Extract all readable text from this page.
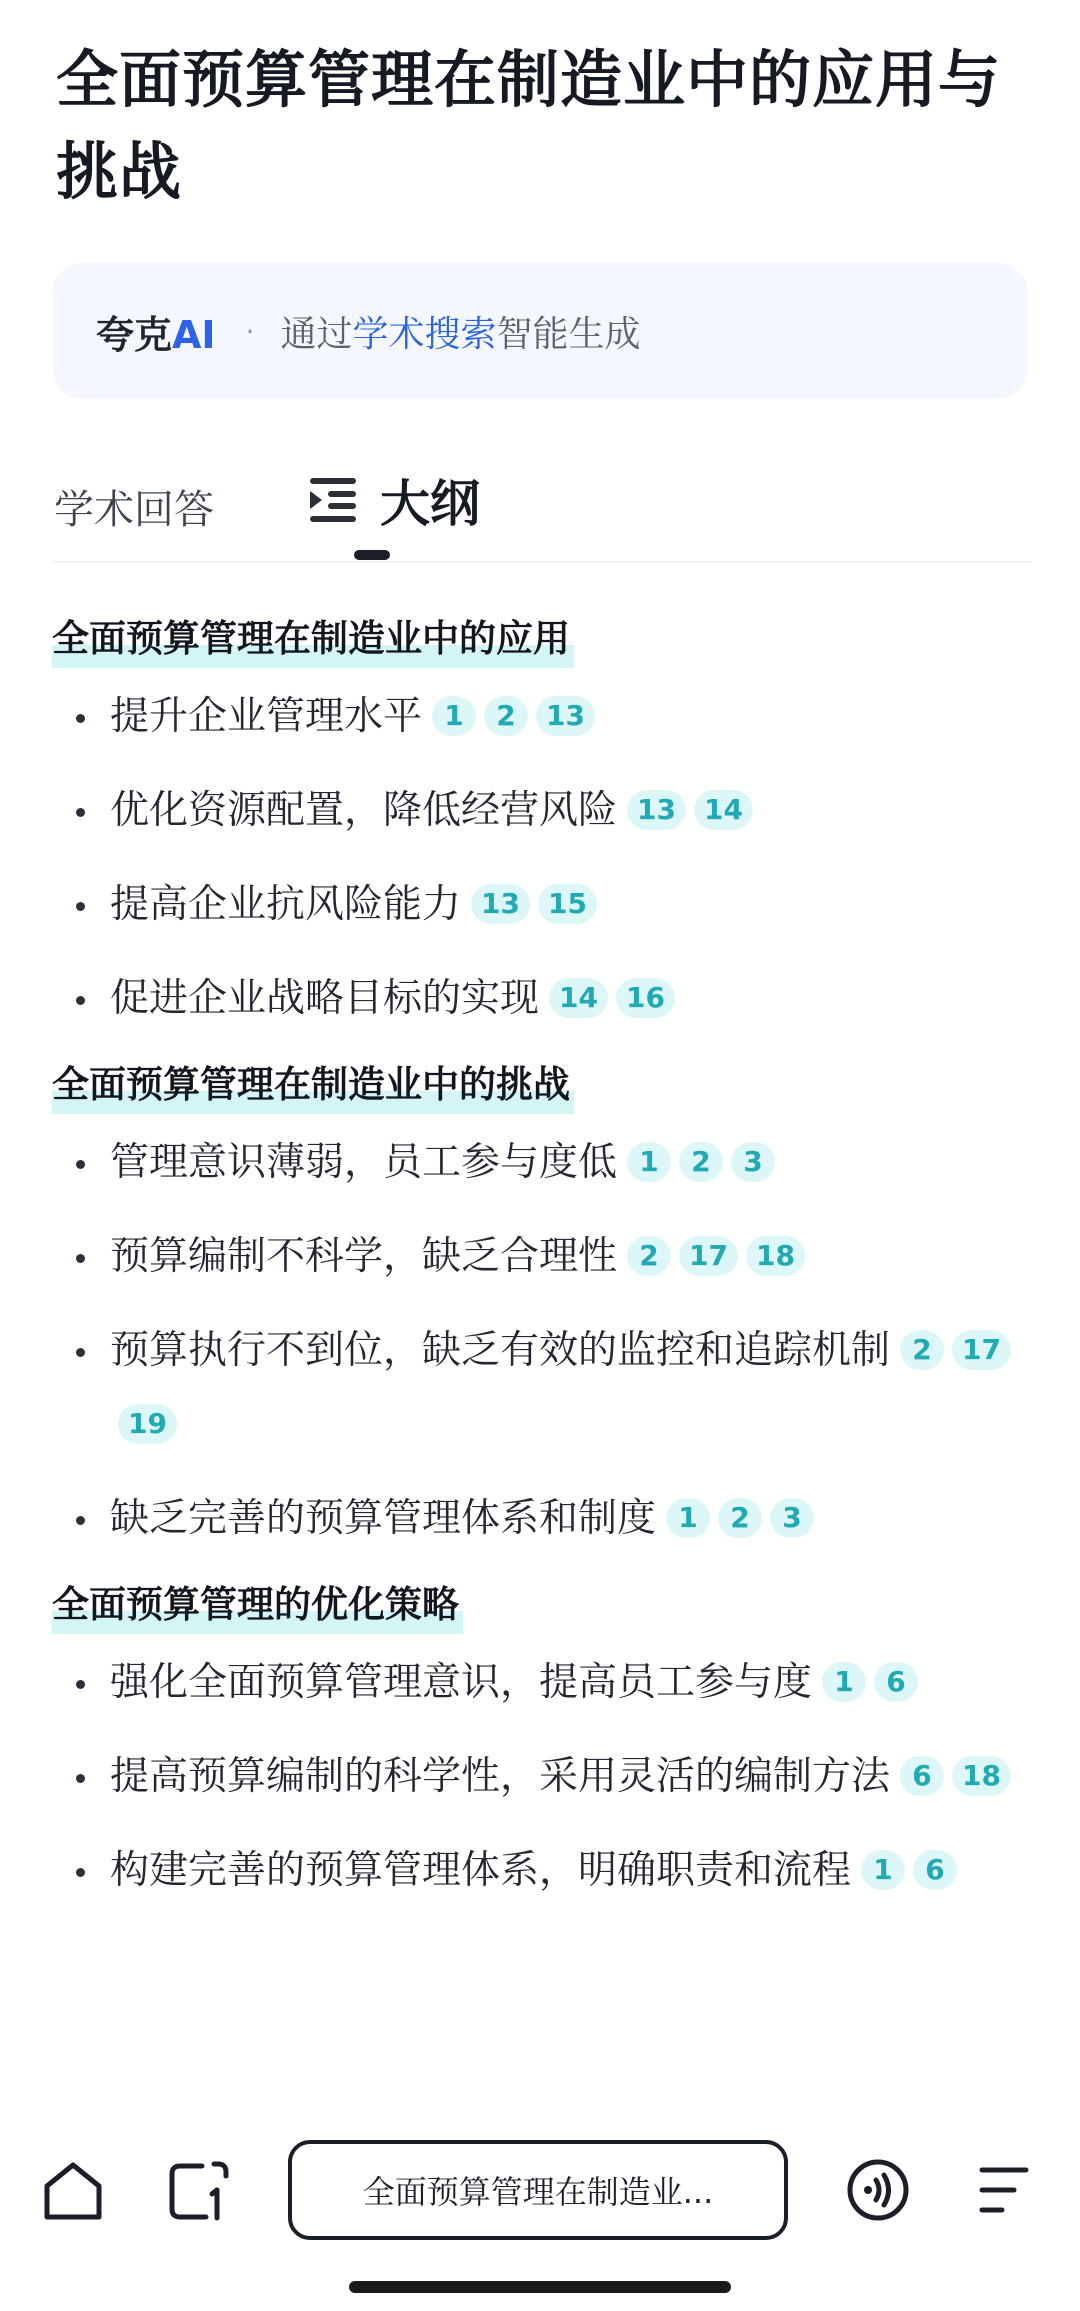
全面预算管理在制造业中的应用与挑战
夸克AI · 通过 学术搜索 智能生成
学术回答	大纲
全面预算管理在制造业中的应用
提升企业管理水平 1 2 13
优化资源配置，降低经营风险 13 14
提高企业抗风险能力 13 15
促进企业战略目标的实现 14 16
全面预算管理在制造业中的挑战
管理意识薄弱，员工参与度低 1 2 3
预算编制不科学，缺乏合理性 2 17 18
预算执行不到位，缺乏有效的监控和追踪机制 2 1719
缺乏完善的预算管理体系和制度 1 2 3
全面预算管理的优化策略
强化全面预算管理意识，提高员工参与度 1 6
提高预算编制的科学性，采用灵活的编制方法 6 18
构建完善的预算管理体系，明确职责和流程 1 6
全面预算管理在制造业...
